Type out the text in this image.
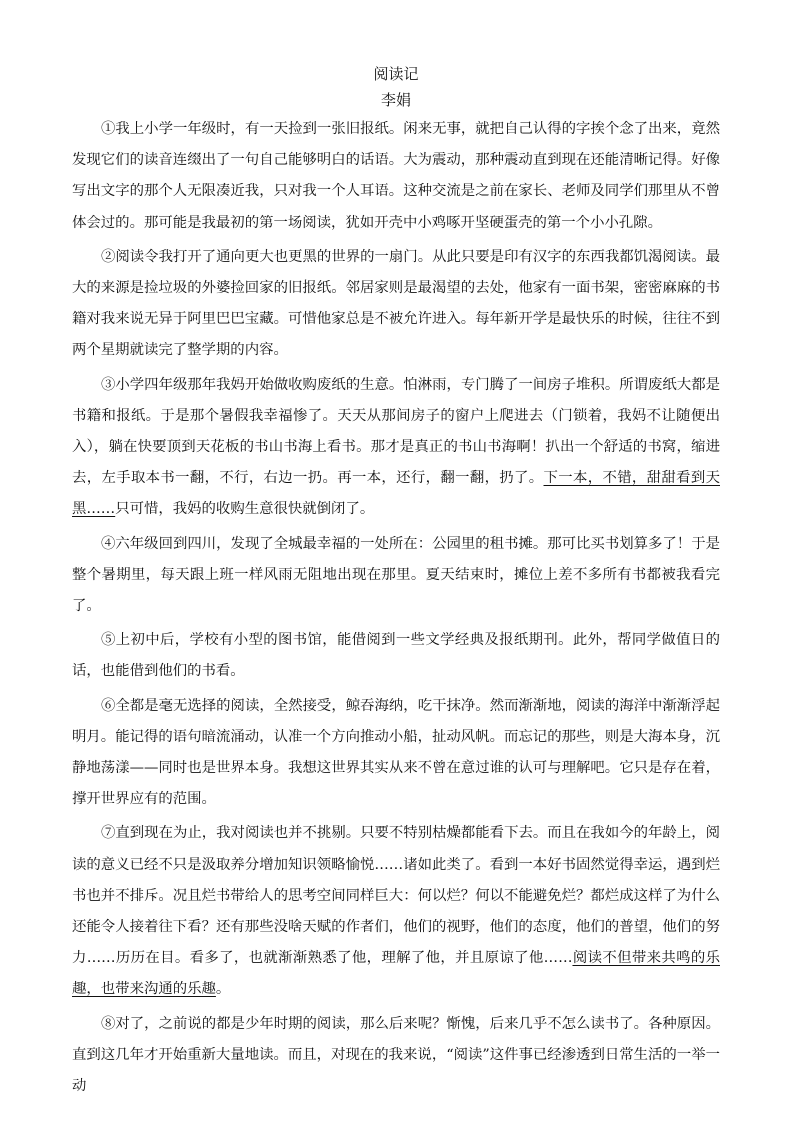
阅读记

李娟

①我上小学一年级时，有一天捡到一张旧报纸。闲来无事，就把自己认得的字挨个念了出来，竟然发现它们的读音连缀出了一句自己能够明白的话语。大为震动，那种震动直到现在还能清晰记得。好像写出文字的那个人无限凑近我，只对我一个人耳语。这种交流是之前在家长、老师及同学们那里从不曾体会过的。那可能是我最初的第一场阅读，犹如开壳中小鸡啄开坚硬蛋壳的第一个小小孔隙。

②阅读令我打开了通向更大也更黑的世界的一扇门。从此只要是印有汉字的东西我都饥渴阅读。最大的来源是捡垃圾的外婆捡回家的旧报纸。邻居家则是最渴望的去处，他家有一面书架，密密麻麻的书籍对我来说无异于阿里巴巴宝藏。可惜他家总是不被允许进入。每年新开学是最快乐的时候，往往不到两个星期就读完了整学期的内容。

③小学四年级那年我妈开始做收购废纸的生意。怕淋雨，专门腾了一间房子堆积。所谓废纸大都是书籍和报纸。于是那个暑假我幸福惨了。天天从那间房子的窗户上爬进去（门锁着，我妈不让随便出入），躺在快要顶到天花板的书山书海上看书。那才是真正的书山书海啊！扒出一个舒适的书窝，缩进去，左手取本书一翻，不行，右边一扔。再一本，还行，翻一翻，扔了。下一本，不错，甜甜看到天黑……只可惜，我妈的收购生意很快就倒闭了。

④六年级回到四川，发现了全城最幸福的一处所在：公园里的租书摊。那可比买书划算多了！于是整个暑期里，每天跟上班一样风雨无阻地出现在那里。夏天结束时，摊位上差不多所有书都被我看完了。

⑤上初中后，学校有小型的图书馆，能借阅到一些文学经典及报纸期刊。此外，帮同学做值日的话，也能借到他们的书看。

⑥全都是毫无选择的阅读，全然接受，鲸吞海纳，吃干抹净。然而渐渐地，阅读的海洋中渐渐浮起明月。能记得的语句暗流涌动，认准一个方向推动小船，扯动风帆。而忘记的那些，则是大海本身，沉静地荡漾——同时也是世界本身。我想这世界其实从来不曾在意过谁的认可与理解吧。它只是存在着，撑开世界应有的范围。

⑦直到现在为止，我对阅读也并不挑剔。只要不特别枯燥都能看下去。而且在我如今的年龄上，阅读的意义已经不只是汲取养分增加知识领略愉悦……诸如此类了。看到一本好书固然觉得幸运，遇到烂书也并不排斥。况且烂书带给人的思考空间同样巨大：何以烂？何以不能避免烂？都烂成这样了为什么还能令人接着往下看？还有那些没啥天赋的作者们，他们的视野，他们的态度，他们的普望，他们的努力……历历在目。看多了，也就渐渐熟悉了他，理解了他，并且原谅了他……阅读不但带来共鸣的乐趣，也带来沟通的乐趣。

⑧对了，之前说的都是少年时期的阅读，那么后来呢？惭愧，后来几乎不怎么读书了。各种原因。直到这几年才开始重新大量地读。而且，对现在的我来说，“阅读”这件事已经渗透到日常生活的一举一动
